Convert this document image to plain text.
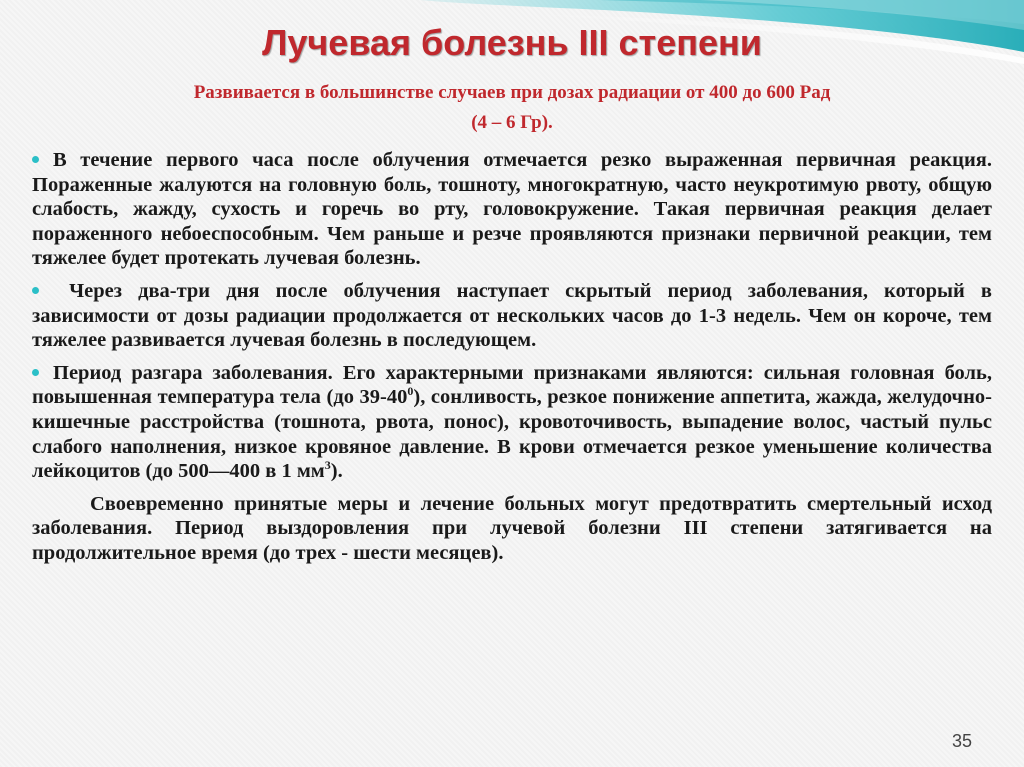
Лучевая болезнь III степени
Развивается в большинстве случаев при дозах радиации от 400 до 600 Рад
(4 – 6 Гр).

В течение первого часа после облучения отмечается резко выраженная первичная реакция. Пораженные жалуются на головную боль, тошноту, многократную, часто неукротимую рвоту, общую слабость, жажду, сухость и горечь во рту, головокружение. Такая первичная реакция делает пораженного небоеспособным. Чем раньше и резче проявляются признаки первичной реакции, тем тяжелее будет протекать лучевая болезнь.

Через два-три дня после облучения наступает скрытый период заболевания, который в зависимости от дозы радиации продолжается от нескольких часов до 1-3 недель. Чем он короче, тем тяжелее развивается лучевая болезнь в последующем.

Период разгара заболевания. Его характерными признаками являются: сильная головная боль, повышенная температура тела (до $39-40^0$), сонливость, резкое понижение аппетита, жажда, желудочно-кишечные расстройства (тошнота, рвота, понос), кровоточивость, выпадение волос, частый пульс слабого наполнения, низкое кровяное давление. В крови отмечается резкое уменьшение количества лейкоцитов (до 500—400 в 1 $мм^3$).

Своевременно принятые меры и лечение больных могут предотвратить смертельный исход заболевания. Период выздоровления при лучевой болезни III степени затягивается на продолжительное время (до трех - шести месяцев).

35
